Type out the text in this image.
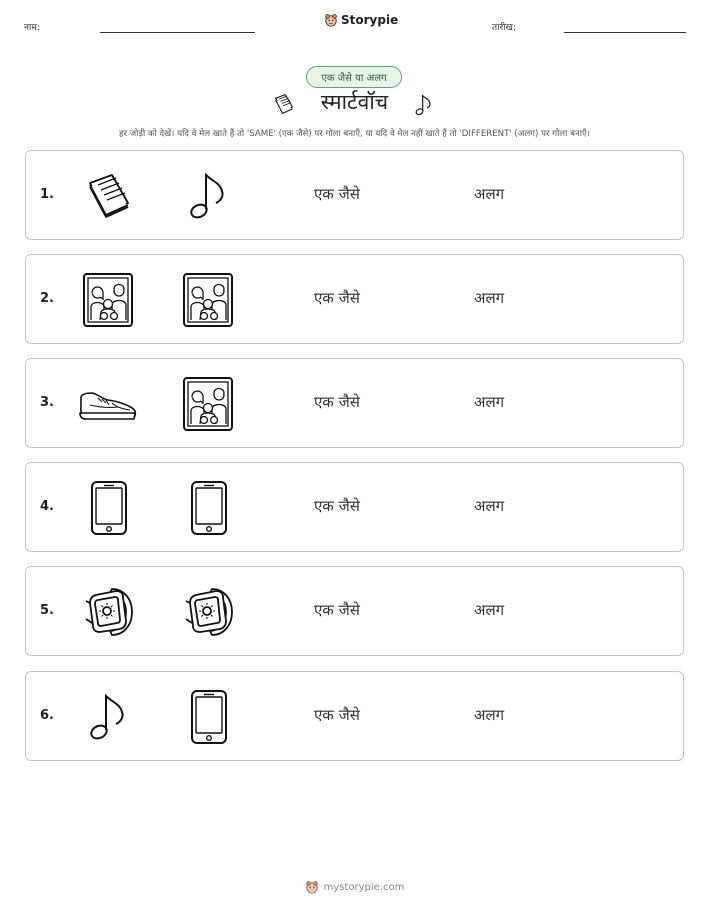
नाम:
Storypie
तारीख:
एक जैसे या अलग
स्मार्टवॉच
हर जोड़ी को देखें। यदि वे मेल खाते हैं तो 'SAME' (एक जैसे) पर गोला बनाएँ, या यदि वे मेल नहीं खाते हैं तो 'DIFFERENT' (अलग) पर गोला बनाएँ।
1.	एक जैसे	अलग
2.	एक जैसे	अलग
3.	एक जैसे	अलग
4.	एक जैसे	अलग
5.	एक जैसे	अलग
6.	एक जैसे	अलग
mystorypie.com
